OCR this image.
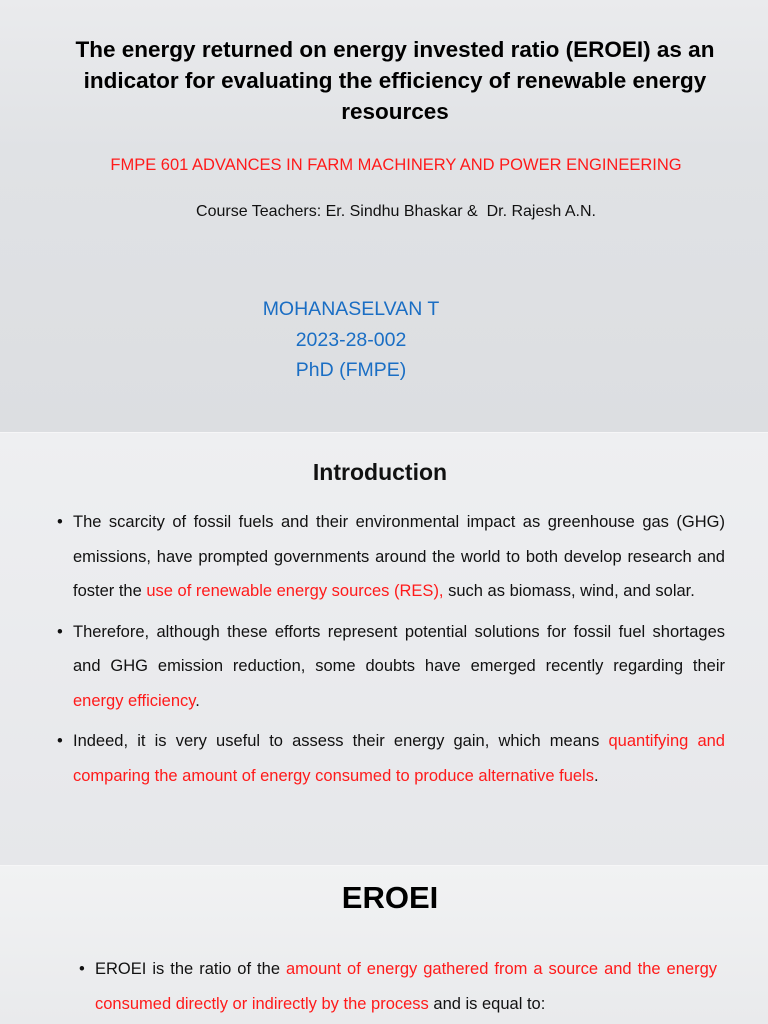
The energy returned on energy invested ratio (EROEI) as an indicator for evaluating the efficiency of renewable energy resources
FMPE 601 ADVANCES IN FARM MACHINERY AND POWER ENGINEERING
Course Teachers: Er. Sindhu Bhaskar &  Dr. Rajesh A.N.
MOHANASELVAN T
2023-28-002
PhD (FMPE)
Introduction
• The scarcity of fossil fuels and their environmental impact as greenhouse gas (GHG) emissions, have prompted governments around the world to both develop research and foster the use of renewable energy sources (RES), such as biomass, wind, and solar.
• Therefore, although these efforts represent potential solutions for fossil fuel shortages and GHG emission reduction, some doubts have emerged recently regarding their energy efficiency.
• Indeed, it is very useful to assess their energy gain, which means quantifying and comparing the amount of energy consumed to produce alternative fuels.
EROEI
• EROEI is the ratio of the amount of energy gathered from a source and the energy consumed directly or indirectly by the process and is equal to:
